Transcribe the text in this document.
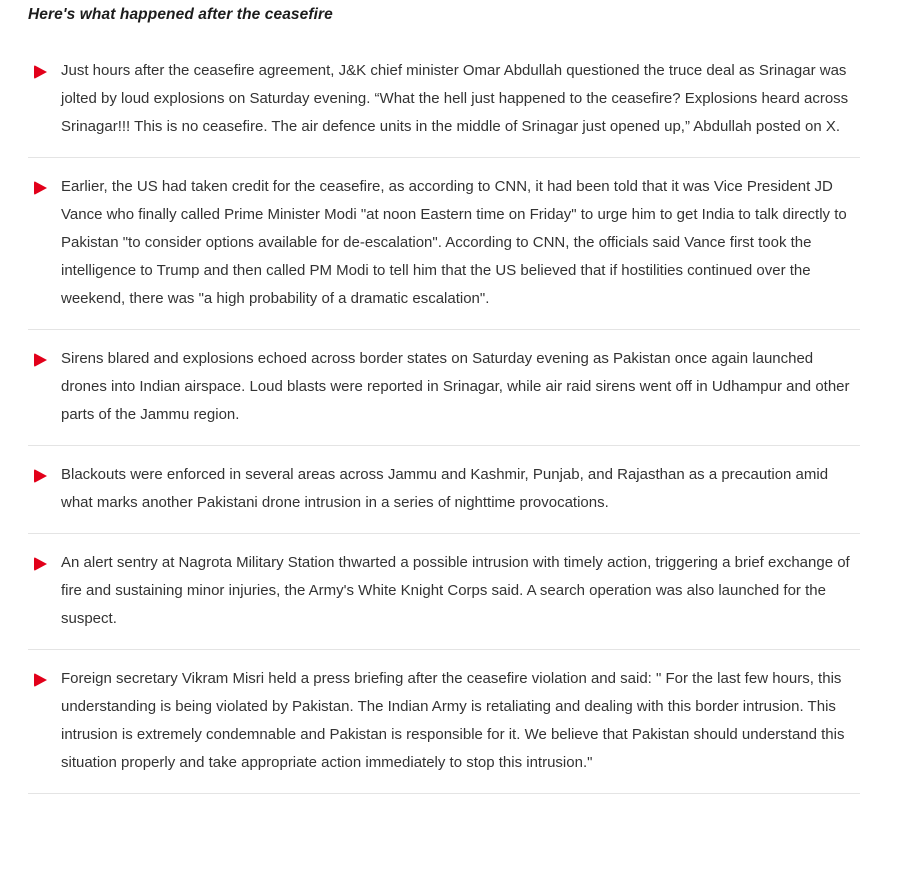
Here's what happened after the ceasefire

Just hours after the ceasefire agreement, J&K chief minister Omar Abdullah questioned the truce deal as Srinagar was jolted by loud explosions on Saturday evening. “What the hell just happened to the ceasefire? Explosions heard across Srinagar!!! This is no ceasefire. The air defence units in the middle of Srinagar just opened up,” Abdullah posted on X.

Earlier, the US had taken credit for the ceasefire, as according to CNN, it had been told that it was Vice President JD Vance who finally called Prime Minister Modi "at noon Eastern time on Friday" to urge him to get India to talk directly to Pakistan "to consider options available for de-escalation". According to CNN, the officials said Vance first took the intelligence to Trump and then called PM Modi to tell him that the US believed that if hostilities continued over the weekend, there was "a high probability of a dramatic escalation".

Sirens blared and explosions echoed across border states on Saturday evening as Pakistan once again launched drones into Indian airspace. Loud blasts were reported in Srinagar, while air raid sirens went off in Udhampur and other parts of the Jammu region.

Blackouts were enforced in several areas across Jammu and Kashmir, Punjab, and Rajasthan as a precaution amid what marks another Pakistani drone intrusion in a series of nighttime provocations.

An alert sentry at Nagrota Military Station thwarted a possible intrusion with timely action, triggering a brief exchange of fire and sustaining minor injuries, the Army's White Knight Corps said. A search operation was also launched for the suspect.

Foreign secretary Vikram Misri held a press briefing after the ceasefire violation and said: " For the last few hours, this understanding is being violated by Pakistan. The Indian Army is retaliating and dealing with this border intrusion. This intrusion is extremely condemnable and Pakistan is responsible for it. We believe that Pakistan should understand this situation properly and take appropriate action immediately to stop this intrusion."
